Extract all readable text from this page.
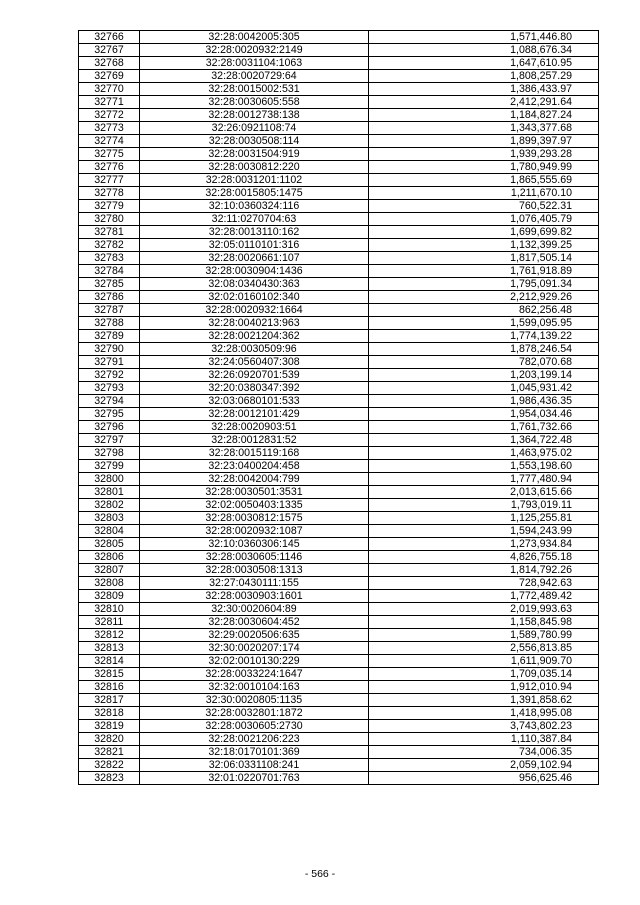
32766	32:28:0042005:305	1,571,446.80
32767	32:28:0020932:2149	1,088,676.34
32768	32:28:0031104:1063	1,647,610.95
32769	32:28:0020729:64	1,808,257.29
32770	32:28:0015002:531	1,386,433.97
32771	32:28:0030605:558	2,412,291.64
32772	32:28:0012738:138	1,184,827.24
32773	32:26:0921108:74	1,343,377.68
32774	32:28:0030508:114	1,899,397.97
32775	32:28:0031504:919	1,939,293.28
32776	32:28:0030812:220	1,780,949.99
32777	32:28:0031201:1102	1,865,555.69
32778	32:28:0015805:1475	1,211,670.10
32779	32:10:0360324:116	760,522.31
32780	32:11:0270704:63	1,076,405.79
32781	32:28:0013110:162	1,699,699.82
32782	32:05:0110101:316	1,132,399.25
32783	32:28:0020661:107	1,817,505.14
32784	32:28:0030904:1436	1,761,918.89
32785	32:08:0340430:363	1,795,091.34
32786	32:02:0160102:340	2,212,929.26
32787	32:28:0020932:1664	862,256.48
32788	32:28:0040213:963	1,599,095.95
32789	32:28:0021204:362	1,774,139.22
32790	32:28:0030509:96	1,878,246.54
32791	32:24:0560407:308	782,070.68
32792	32:26:0920701:539	1,203,199.14
32793	32:20:0380347:392	1,045,931.42
32794	32:03:0680101:533	1,986,436.35
32795	32:28:0012101:429	1,954,034.46
32796	32:28:0020903:51	1,761,732.66
32797	32:28:0012831:52	1,364,722.48
32798	32:28:0015119:168	1,463,975.02
32799	32:23:0400204:458	1,553,198.60
32800	32:28:0042004:799	1,777,480.94
32801	32:28:0030501:3531	2,013,615.66
32802	32:02:0050403:1335	1,793,019.11
32803	32:28:0030812:1575	1,125,255.81
32804	32:28:0020932:1087	1,594,243.99
32805	32:10:0360306:145	1,273,934.84
32806	32:28:0030605:1146	4,826,755.18
32807	32:28:0030508:1313	1,814,792.26
32808	32:27:0430111:155	728,942.63
32809	32:28:0030903:1601	1,772,489.42
32810	32:30:0020604:89	2,019,993.63
32811	32:28:0030604:452	1,158,845.98
32812	32:29:0020506:635	1,589,780.99
32813	32:30:0020207:174	2,556,813.85
32814	32:02:0010130:229	1,611,909.70
32815	32:28:0033224:1647	1,709,035.14
32816	32:32:0010104:163	1,912,010.94
32817	32:30:0020805:1135	1,391,858.62
32818	32:28:0032801:1872	1,418,995.08
32819	32:28:0030605:2730	3,743,802.23
32820	32:28:0021206:223	1,110,387.84
32821	32:18:0170101:369	734,006.35
32822	32:06:0331108:241	2,059,102.94
32823	32:01:0220701:763	956,625.46
- 566 -
